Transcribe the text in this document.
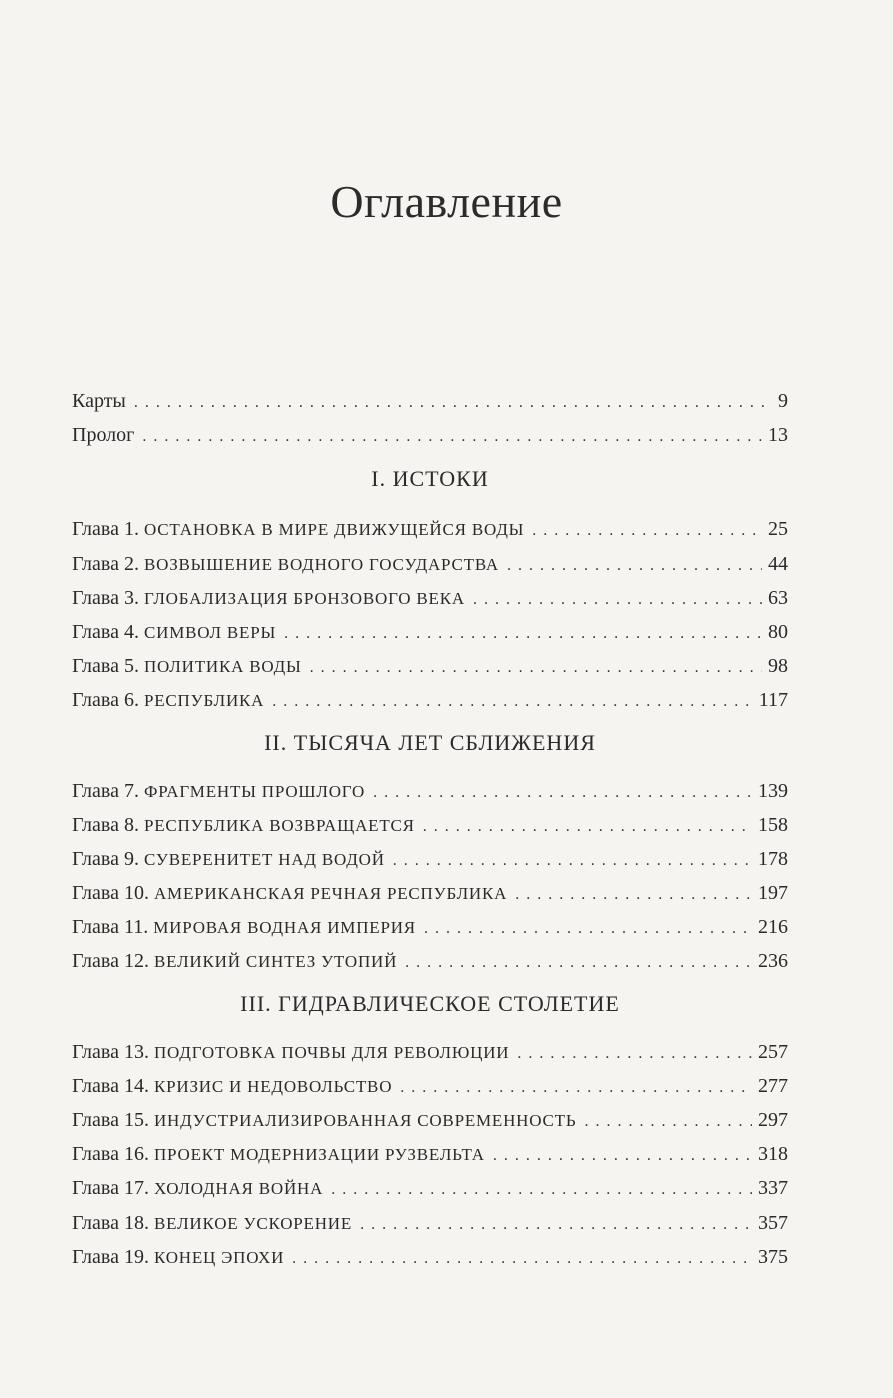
Оглавление
Карты . . .	9
Пролог . . .	13
I. ИСТОКИ
Глава 1. ОСТАНОВКА В МИРЕ ДВИЖУЩЕЙСЯ ВОДЫ . . .	25
Глава 2. ВОЗВЫШЕНИЕ ВОДНОГО ГОСУДАРСТВА . . .	44
Глава 3. ГЛОБАЛИЗАЦИЯ БРОНЗОВОГО ВЕКА . . .	63
Глава 4. СИМВОЛ ВЕРЫ . . .	80
Глава 5. ПОЛИТИКА ВОДЫ . . .	98
Глава 6. РЕСПУБЛИКА . . .	117
II. ТЫСЯЧА ЛЕТ СБЛИЖЕНИЯ
Глава 7. ФРАГМЕНТЫ ПРОШЛОГО . . .	139
Глава 8. РЕСПУБЛИКА ВОЗВРАЩАЕТСЯ . . .	158
Глава 9. СУВЕРЕНИТЕТ НАД ВОДОЙ . . .	178
Глава 10. АМЕРИКАНСКАЯ РЕЧНАЯ РЕСПУБЛИКА . . .	197
Глава 11. МИРОВАЯ ВОДНАЯ ИМПЕРИЯ . . .	216
Глава 12. ВЕЛИКИЙ СИНТЕЗ УТОПИЙ . . .	236
III. ГИДРАВЛИЧЕСКОЕ СТОЛЕТИЕ
Глава 13. ПОДГОТОВКА ПОЧВЫ ДЛЯ РЕВОЛЮЦИИ . . .	257
Глава 14. КРИЗИС И НЕДОВОЛЬСТВО . . .	277
Глава 15. ИНДУСТРИАЛИЗИРОВАННАЯ СОВРЕМЕННОСТЬ . . .	297
Глава 16. ПРОЕКТ МОДЕРНИЗАЦИИ РУЗВЕЛЬТА . . .	318
Глава 17. ХОЛОДНАЯ ВОЙНА . . .	337
Глава 18. ВЕЛИКОЕ УСКОРЕНИЕ . . .	357
Глава 19. КОНЕЦ ЭПОХИ . . .	375
